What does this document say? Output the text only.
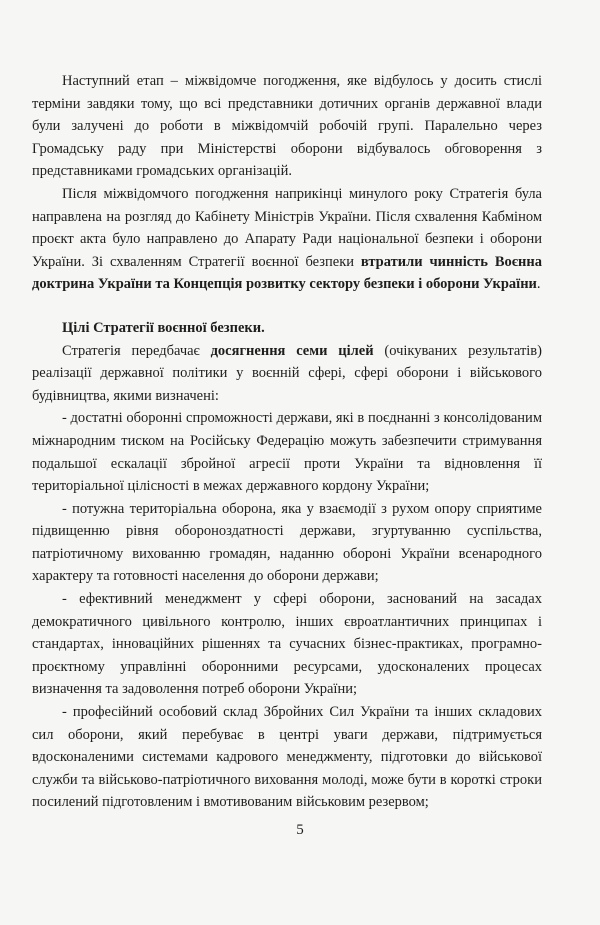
Наступний етап – міжвідомче погодження, яке відбулось у досить стислі терміни завдяки тому, що всі представники дотичних органів державної влади були залучені до роботи в міжвідомчій робочій групі. Паралельно через Громадську раду при Міністерстві оборони відбувалось обговорення з представниками громадських організацій.

Після міжвідомчого погодження наприкінці минулого року Стратегія була направлена на розгляд до Кабінету Міністрів України. Після схвалення Кабміном проєкт акта було направлено до Апарату Ради національної безпеки і оборони України. Зі схваленням Стратегії воєнної безпеки втратили чинність Воєнна доктрина України та Концепція розвитку сектору безпеки і оборони України.

Цілі Стратегії воєнної безпеки.

Стратегія передбачає досягнення семи цілей (очікуваних результатів) реалізації державної політики у воєнній сфері, сфері оборони і військового будівництва, якими визначені:

- достатні оборонні спроможності держави, які в поєднанні з консолідованим міжнародним тиском на Російську Федерацію можуть забезпечити стримування подальшої ескалації збройної агресії проти України та відновлення її територіальної цілісності в межах державного кордону України;

- потужна територіальна оборона, яка у взаємодії з рухом опору сприятиме підвищенню рівня обороноздатності держави, згуртуванню суспільства, патріотичному вихованню громадян, наданню обороні України всенародного характеру та готовності населення до оборони держави;

- ефективний менеджмент у сфері оборони, заснований на засадах демократичного цивільного контролю, інших євроатлантичних принципах і стандартах, інноваційних рішеннях та сучасних бізнес-практиках, програмно-проєктному управлінні оборонними ресурсами, удосконалених процесах визначення та задоволення потреб оборони України;

- професійний особовий склад Збройних Сил України та інших складових сил оборони, який перебуває в центрі уваги держави, підтримується вдосконаленими системами кадрового менеджменту, підготовки до військової служби та військово-патріотичного виховання молоді, може бути в короткі строки посилений підготовленим і вмотивованим військовим резервом;

5
